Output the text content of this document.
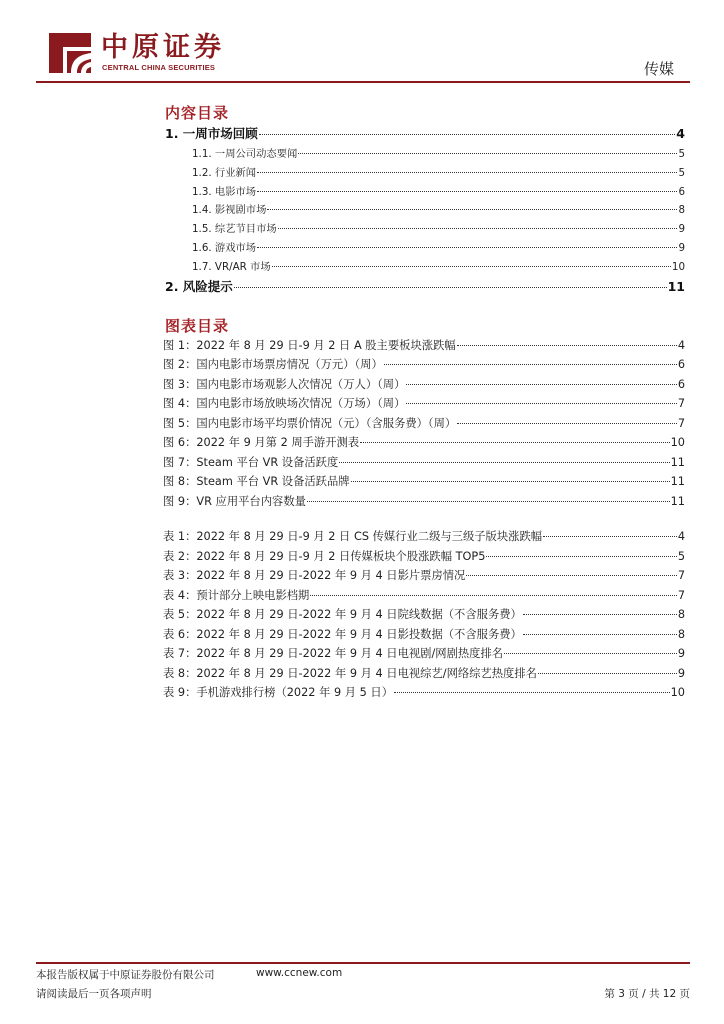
中原证券
CENTRAL CHINA SECURITIES	传媒
内容目录
1. 一周市场回顾	4
1.1. 一周公司动态要闻	5
1.2. 行业新闻	5
1.3. 电影市场	6
1.4. 影视剧市场	8
1.5. 综艺节目市场	9
1.6. 游戏市场	9
1.7. VR/AR 市场	10
2. 风险提示	11
图表目录
图 1：2022 年 8 月 29 日-9 月 2 日 A 股主要板块涨跌幅	4
图 2：国内电影市场票房情况（万元）（周）	6
图 3：国内电影市场观影人次情况（万人）（周）	6
图 4：国内电影市场放映场次情况（万场）（周）	7
图 5：国内电影市场平均票价情况（元）（含服务费）（周）	7
图 6：2022 年 9 月第 2 周手游开测表	10
图 7：Steam 平台 VR 设备活跃度	11
图 8：Steam 平台 VR 设备活跃品牌	11
图 9：VR 应用平台内容数量	11
表 1：2022 年 8 月 29 日-9 月 2 日 CS 传媒行业二级与三级子版块涨跌幅	4
表 2：2022 年 8 月 29 日-9 月 2 日传媒板块个股涨跌幅 TOP5	5
表 3：2022 年 8 月 29 日-2022 年 9 月 4 日影片票房情况	7
表 4：预计部分上映电影档期	7
表 5：2022 年 8 月 29 日-2022 年 9 月 4 日院线数据（不含服务费）	8
表 6：2022 年 8 月 29 日-2022 年 9 月 4 日影投数据（不含服务费）	8
表 7：2022 年 8 月 29 日-2022 年 9 月 4 日电视剧/网剧热度排名	9
表 8：2022 年 8 月 29 日-2022 年 9 月 4 日电视综艺/网络综艺热度排名	9
表 9：手机游戏排行榜（2022 年 9 月 5 日）	10
本报告版权属于中原证券股份有限公司	www.ccnew.com
请阅读最后一页各项声明	第 3 页 / 共 12 页
